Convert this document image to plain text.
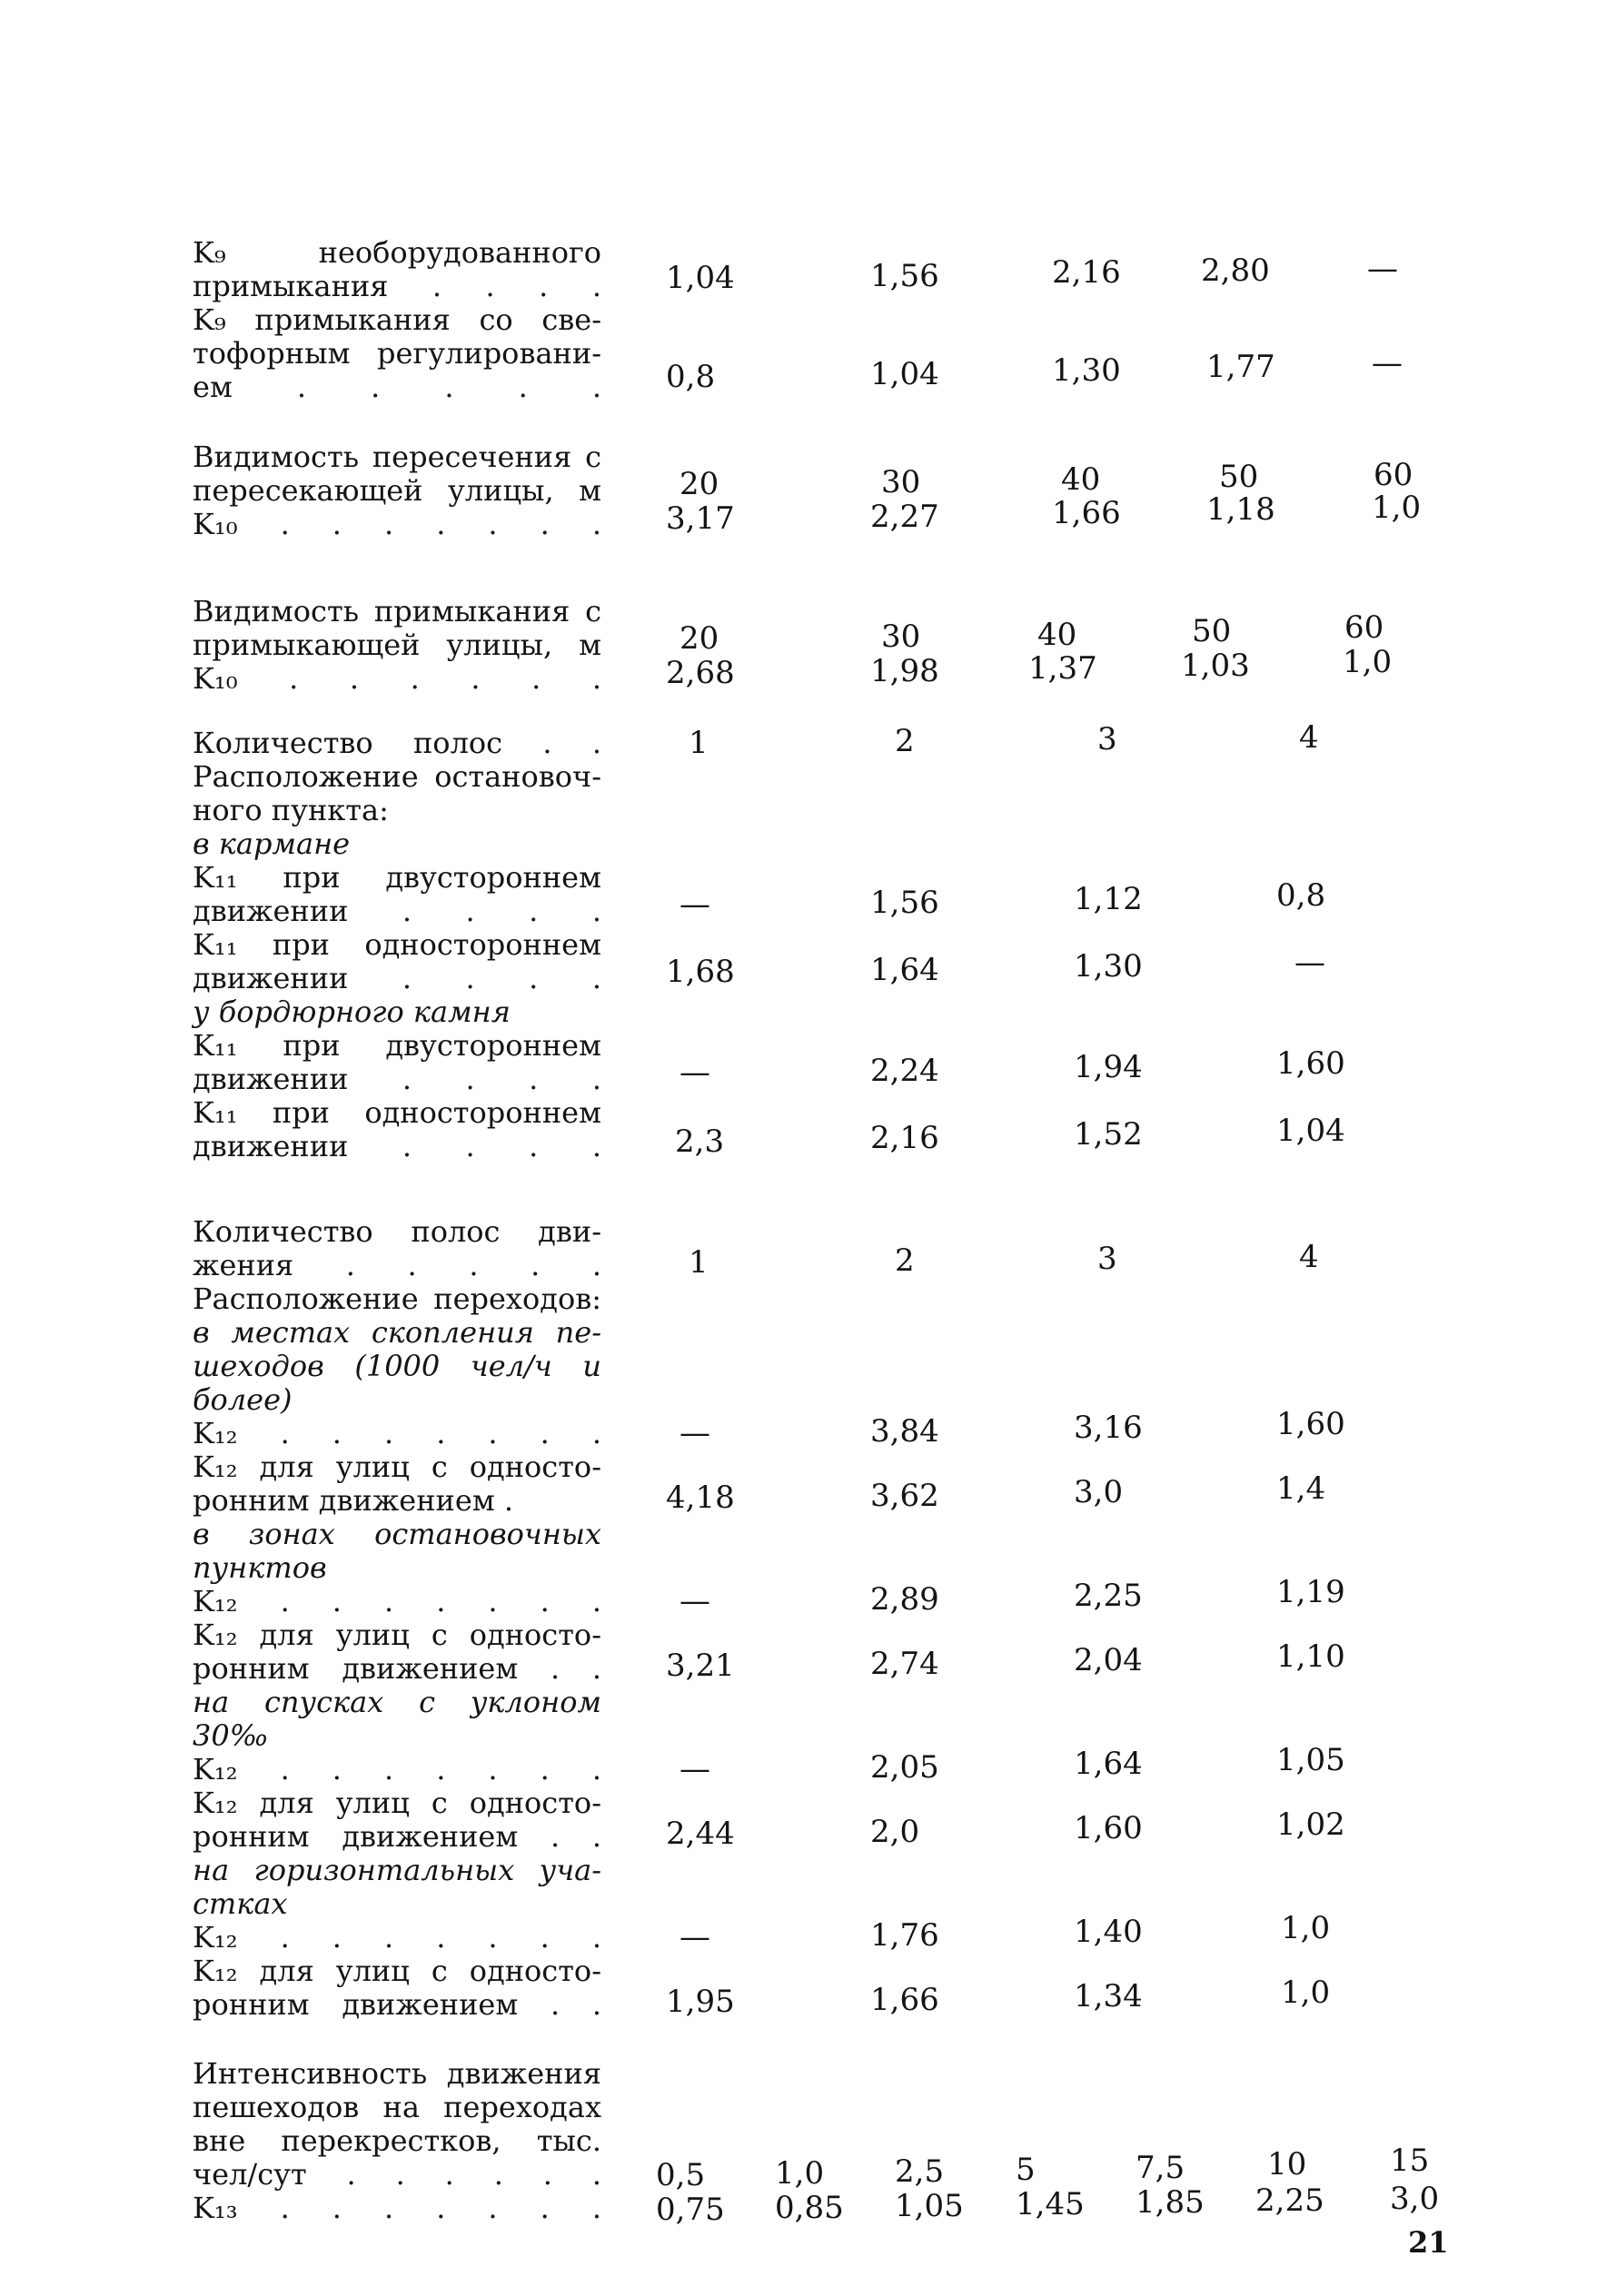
K₉ необорудованного
примыкания . . . . 1,04	1,56	2,16	2,80	—
K₉ примыкания со све-
тофорным регулировани-
ем . . . . . 0,8	1,04	1,30	1,77	—
Видимость пересечения с
пересекающей улицы, м
K₁₀ . . . . . . .
20	30	40	50	60
3,17	2,27	1,66	1,18	1,0
Видимость примыкания с
примыкающей улицы, м
K₁₀ . . . . . .
20	30	40	50	60
2,68	1,98	1,37	1,03	1,0
Количество полос . .	1	2	3	4
Расположение остановоч-
ного пункта:
в кармане
K₁₁ при двустороннем
движении . . . .	—	1,56	1,12	0,8
K₁₁ при одностороннем
движении . . . . 1,68	1,64	1,30	—
у бордюрного камня
K₁₁ при двустороннем
движении . . . .	—	2,24	1,94	1,60
K₁₁ при одностороннем
движении . . . . 2,3	2,16	1,52	1,04
Количество полос дви-
жения . . . . .	1	2	3	4
Расположение переходов:
в местах скопления пе-
шеходов (1000 чел/ч и
более)
K₁₂ . . . . . . .	—	3,84	3,16	1,60
K₁₂ для улиц с односто-
ронним движением .	4,18	3,62	3,0	1,4
в зонах остановочных
пунктов
K₁₂ . . . . . . .	—	2,89	2,25	1,19
K₁₂ для улиц с односто-
ронним движением . . 3,21	2,74	2,04	1,10
на спусках с уклоном
30‰
K₁₂ . . . . . . .	—	2,05	1,64	1,05
K₁₂ для улиц с односто-
ронним движением . . 2,44	2,0	1,60	1,02
на горизонтальных уча-
стках
K₁₂ . . . . . . .	—	1,76	1,40	1,0
K₁₂ для улиц с односто-
ронним движением . . 1,95	1,66	1,34	1,0
Интенсивность движения
пешеходов на переходах
вне перекрестков, тыс.
чел/сут . . . . . . 0,5 1,0 2,5 5	7,5	10	15
K₁₃ . . . . . . . 0,75 0,85 1,05 1,45 1,85 2,25 3,0
21
